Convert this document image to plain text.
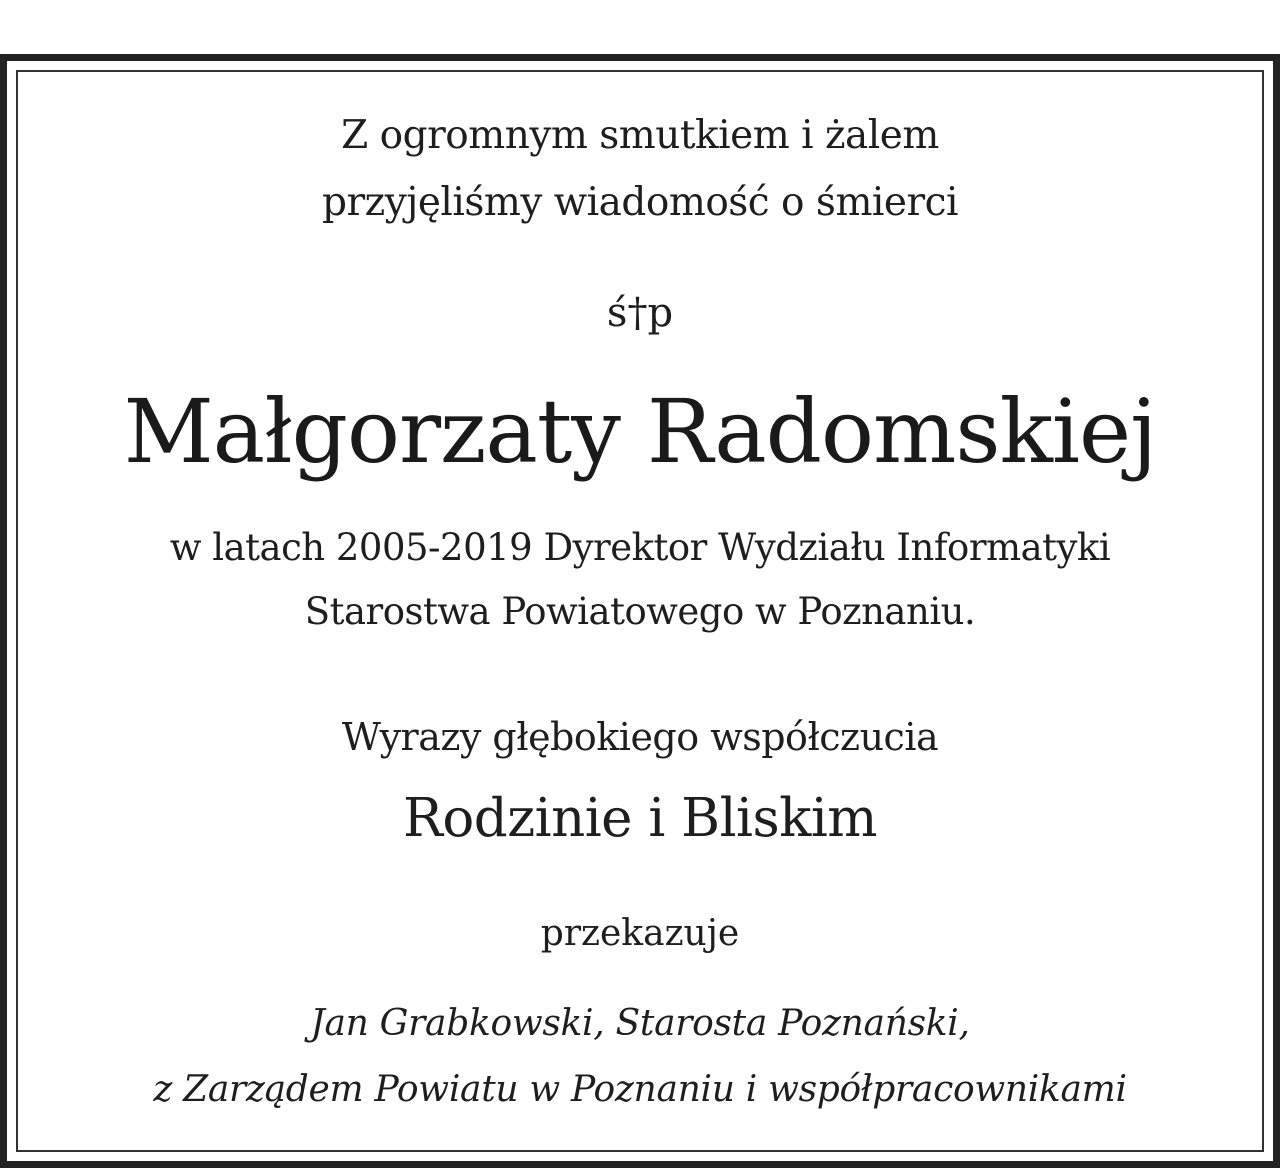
Z ogromnym smutkiem i żalem
przyjęliśmy wiadomość o śmierci
ś†p
Małgorzaty Radomskiej
w latach 2005-2019 Dyrektor Wydziału Informatyki
Starostwa Powiatowego w Poznaniu.
Wyrazy głębokiego współczucia
Rodzinie i Bliskim
przekazuje
Jan Grabkowski, Starosta Poznański,
z Zarządem Powiatu w Poznaniu i współpracownikami
